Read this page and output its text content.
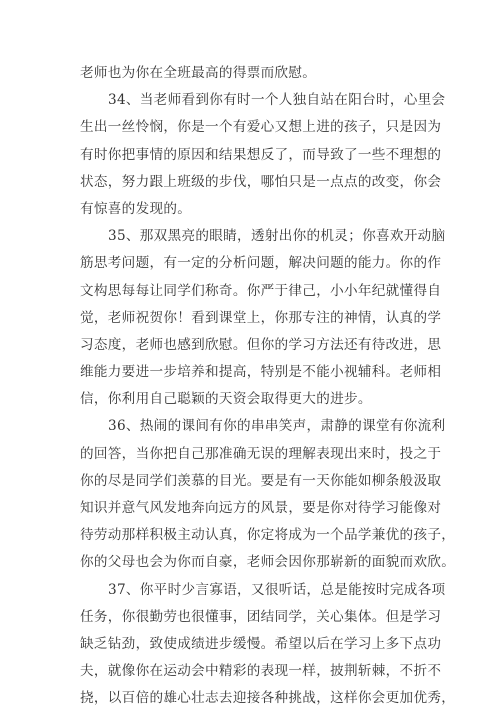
老师也为你在全班最高的得票而欣慰。
34、当老师看到你有时一个人独自站在阳台时，心里会
生出一丝怜悯，你是一个有爱心又想上进的孩子，只是因为
有时你把事情的原因和结果想反了，而导致了一些不理想的
状态，努力跟上班级的步伐，哪怕只是一点点的改变，你会
有惊喜的发现的。
35、那双黑亮的眼睛，透射出你的机灵；你喜欢开动脑
筋思考问题，有一定的分析问题，解决问题的能力。你的作
文构思每每让同学们称奇。你严于律己，小小年纪就懂得自
觉，老师祝贺你！看到课堂上，你那专注的神情，认真的学
习态度，老师也感到欣慰。但你的学习方法还有待改进，思
维能力要进一步培养和提高，特别是不能小视辅科。老师相
信，你利用自己聪颖的天资会取得更大的进步。
36、热闹的课间有你的串串笑声，肃静的课堂有你流利
的回答，当你把自己那准确无误的理解表现出来时，投之于
你的尽是同学们羡慕的目光。要是有一天你能如柳条般汲取
知识并意气风发地奔向远方的风景，要是你对待学习能像对
待劳动那样积极主动认真，你定将成为一个品学兼优的孩子，
你的父母也会为你而自豪，老师会因你那崭新的面貌而欢欣。
37、你平时少言寡语，又很听话，总是能按时完成各项
任务，你很勤劳也很懂事，团结同学，关心集体。但是学习
缺乏钻劲，致使成绩进步缓慢。希望以后在学习上多下点功
夫，就像你在运动会中精彩的表现一样，披荆斩棘，不折不
挠，以百倍的雄心壮志去迎接各种挑战，这样你会更加优秀，
